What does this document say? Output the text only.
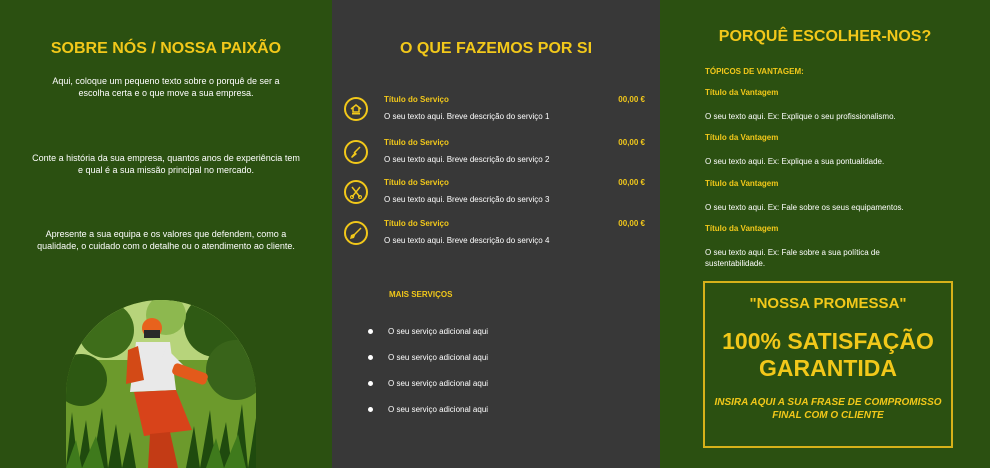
SOBRE NÓS / NOSSA PAIXÃO

Aqui, coloque um pequeno texto sobre o porquê de ser a escolha certa e o que move a sua empresa.

Conte a história da sua empresa, quantos anos de experiência tem e qual é a sua missão principal no mercado.

Apresente a sua equipa e os valores que defendem, como a qualidade, o cuidado com o detalhe ou o atendimento ao cliente.

O QUE FAZEMOS POR SI
PORQUÊ ESCOLHER-NOS?
Título do Serviço	00,00 €
O seu texto aqui. Breve descrição do serviço 1
Título do Serviço	00,00 €
O seu texto aqui. Breve descrição do serviço 2
Título do Serviço	00,00 €
O seu texto aqui. Breve descrição do serviço 3
Título do Serviço	00,00 €
O seu texto aqui. Breve descrição do serviço 4
MAIS SERVIÇOS
O seu serviço adicional aqui
O seu serviço adicional aqui
O seu serviço adicional aqui
O seu serviço adicional aqui
TÓPICOS DE VANTAGEM:
Título da Vantagem
O seu texto aqui. Ex: Explique o seu profissionalismo.
Título da Vantagem
O seu texto aqui. Ex: Explique a sua pontualidade.
Título da Vantagem
O seu texto aqui. Ex: Fale sobre os seus equipamentos.
Título da Vantagem
O seu texto aqui. Ex: Fale sobre a sua política de sustentabilidade.
"NOSSA PROMESSA"
100% SATISFAÇÃO
GARANTIDA
INSIRA AQUI A SUA FRASE DE COMPROMISSO FINAL COM O CLIENTE
